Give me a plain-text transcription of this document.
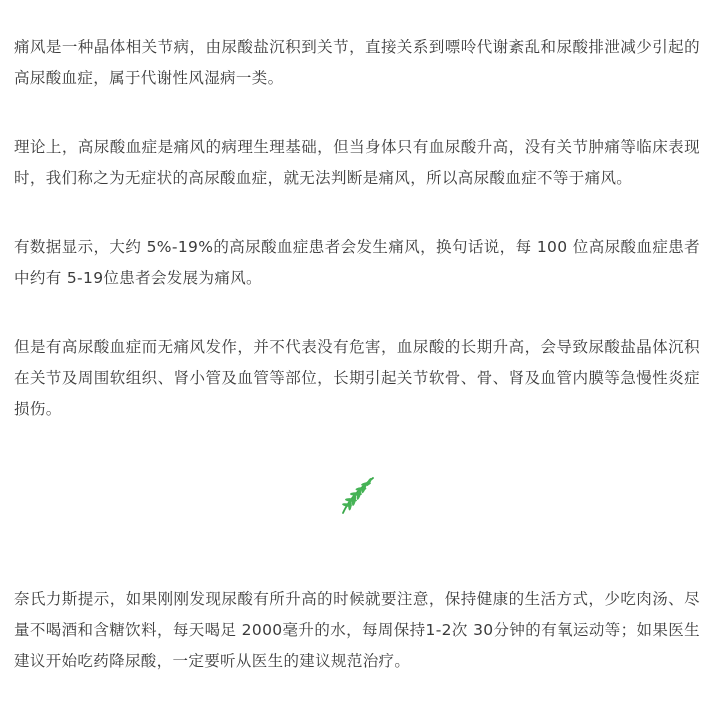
痛风是一种晶体相关节病，由尿酸盐沉积到关节，直接关系到嘌呤代谢紊乱和尿酸排泄减少引起的高尿酸血症，属于代谢性风湿病一类。

理论上，高尿酸血症是痛风的病理生理基础，但当身体只有血尿酸升高，没有关节肿痛等临床表现时，我们称之为无症状的高尿酸血症，就无法判断是痛风，所以高尿酸血症不等于痛风。

有数据显示，大约 5%-19%的高尿酸血症患者会发生痛风，换句话说，每 100 位高尿酸血症患者中约有 5-19位患者会发展为痛风。

但是有高尿酸血症而无痛风发作，并不代表没有危害，血尿酸的长期升高，会导致尿酸盐晶体沉积在关节及周围软组织、肾小管及血管等部位，长期引起关节软骨、骨、肾及血管内膜等急慢性炎症损伤。

奈氏力斯提示，如果刚刚发现尿酸有所升高的时候就要注意，保持健康的生活方式，少吃肉汤、尽量不喝酒和含糖饮料，每天喝足 2000毫升的水，每周保持1-2次 30分钟的有氧运动等；如果医生建议开始吃药降尿酸，一定要听从医生的建议规范治疗。
